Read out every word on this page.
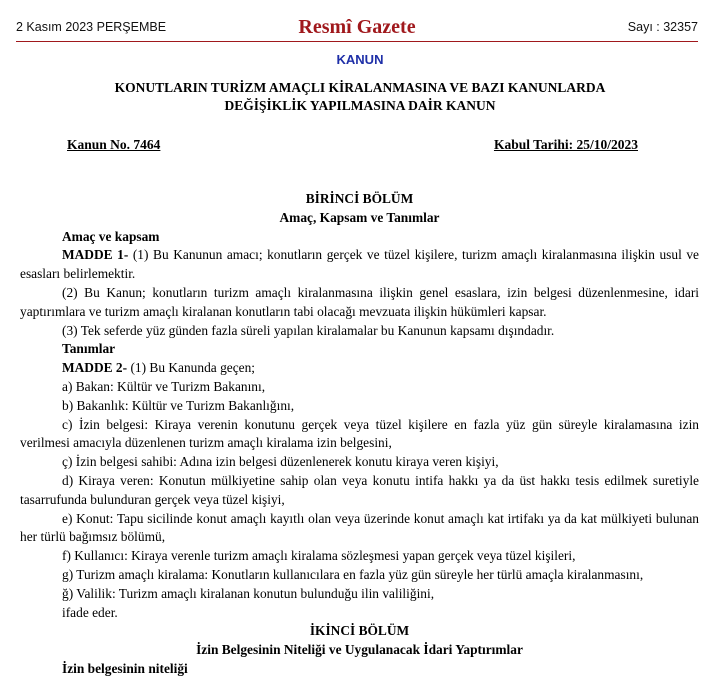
2 Kasım 2023 PERŞEMBE	Resmî Gazete	Sayı : 32357
KANUN
KONUTLARIN TURİZM AMAÇLI KİRALANMASINA VE BAZI KANUNLARDA
DEĞİŞİKLİK YAPILMASINA DAİR KANUN
Kanun No. 7464	Kabul Tarihi: 25/10/2023

BİRİNCİ BÖLÜM

Amaç, Kapsam ve Tanımlar

Amaç ve kapsam

MADDE 1- (1) Bu Kanunun amacı; konutların gerçek ve tüzel kişilere, turizm amaçlı kiralanmasına ilişkin usul ve esasları belirlemektir.

(2) Bu Kanun; konutların turizm amaçlı kiralanmasına ilişkin genel esaslara, izin belgesi düzenlenmesine, idari yaptırımlara ve turizm amaçlı kiralanan konutların tabi olacağı mevzuata ilişkin hükümleri kapsar.

(3) Tek seferde yüz günden fazla süreli yapılan kiralamalar bu Kanunun kapsamı dışındadır.

Tanımlar

MADDE 2- (1) Bu Kanunda geçen;

a) Bakan: Kültür ve Turizm Bakanını,

b) Bakanlık: Kültür ve Turizm Bakanlığını,

c) İzin belgesi: Kiraya verenin konutunu gerçek veya tüzel kişilere en fazla yüz gün süreyle kiralamasına izin verilmesi amacıyla düzenlenen turizm amaçlı kiralama izin belgesini,

ç) İzin belgesi sahibi: Adına izin belgesi düzenlenerek konutu kiraya veren kişiyi,

d) Kiraya veren: Konutun mülkiyetine sahip olan veya konutu intifa hakkı ya da üst hakkı tesis edilmek suretiyle tasarrufunda bulunduran gerçek veya tüzel kişiyi,

e) Konut: Tapu sicilinde konut amaçlı kayıtlı olan veya üzerinde konut amaçlı kat irtifakı ya da kat mülkiyeti bulunan her türlü bağımsız bölümü,

f) Kullanıcı: Kiraya verenle turizm amaçlı kiralama sözleşmesi yapan gerçek veya tüzel kişileri,

g) Turizm amaçlı kiralama: Konutların kullanıcılara en fazla yüz gün süreyle her türlü amaçla kiralanmasını,

ğ) Valilik: Turizm amaçlı kiralanan konutun bulunduğu ilin valiliğini,

ifade eder.

İKİNCİ BÖLÜM

İzin Belgesinin Niteliği ve Uygulanacak İdari Yaptırımlar

İzin belgesinin niteliği
